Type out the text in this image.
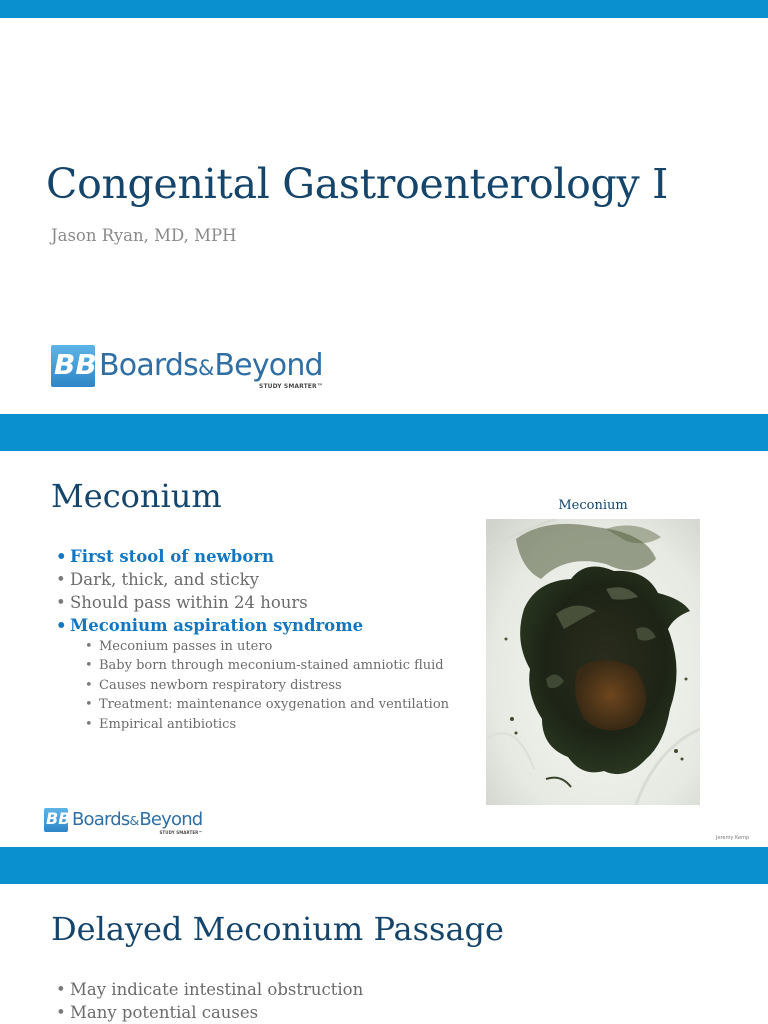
Congenital Gastroenterology I
Jason Ryan, MD, MPH
BB Boards&Beyond
STUDY SMARTER™
Meconium
• First stool of newborn
• Dark, thick, and sticky
• Should pass within 24 hours
• Meconium aspiration syndrome
• Meconium passes in utero
• Baby born through meconium-stained amniotic fluid
• Causes newborn respiratory distress
• Treatment: maintenance oxygenation and ventilation
• Empirical antibiotics
Meconium
Jeremy Kemp
BB Boards&Beyond
STUDY SMARTER™
Delayed Meconium Passage
• May indicate intestinal obstruction
• Many potential causes
